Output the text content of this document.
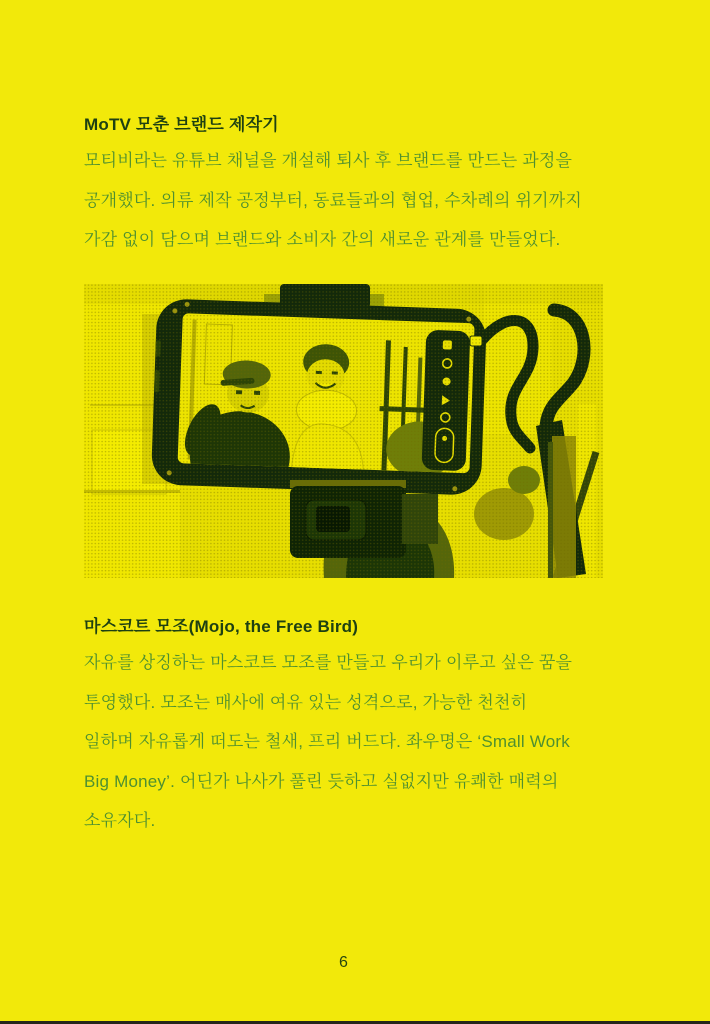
MoTV 모춘 브랜드 제작기
모티비라는 유튜브 채널을 개설해 퇴사 후 브랜드를 만드는 과정을
공개했다. 의류 제작 공정부터, 동료들과의 협업, 수차례의 위기까지
가감 없이 담으며 브랜드와 소비자 간의 새로운 관계를 만들었다.
마스코트 모조(Mojo, the Free Bird)
자유를 상징하는 마스코트 모조를 만들고 우리가 이루고 싶은 꿈을
투영했다. 모조는 매사에 여유 있는 성격으로, 가능한 천천히
일하며 자유롭게 떠도는 철새, 프리 버드다. 좌우명은 ‘Small Work
Big Money’. 어딘가 나사가 풀린 듯하고 실없지만 유쾌한 매력의
소유자다.
6
